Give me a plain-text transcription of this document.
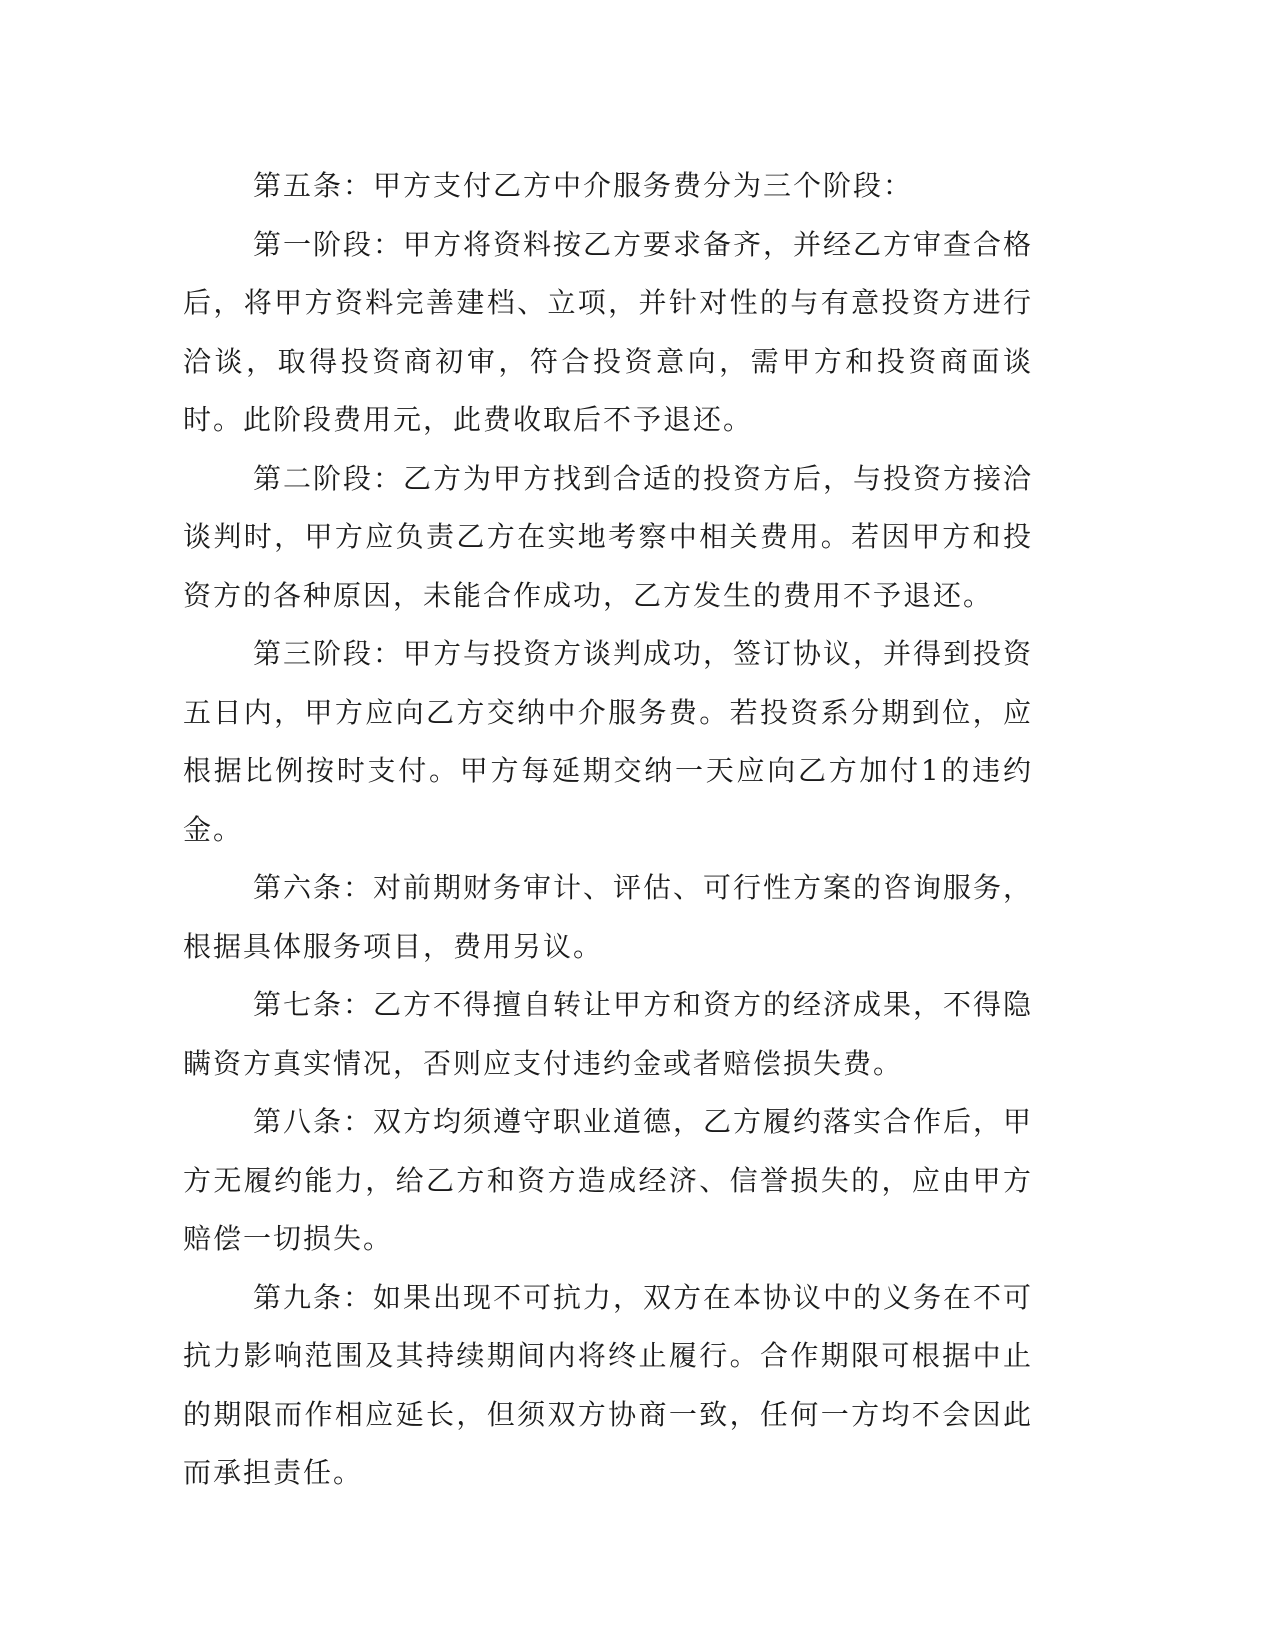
第五条：甲方支付乙方中介服务费分为三个阶段：

第一阶段：甲方将资料按乙方要求备齐，并经乙方审查合格后，将甲方资料完善建档、立项，并针对性的与有意投资方进行洽谈，取得投资商初审，符合投资意向，需甲方和投资商面谈时。此阶段费用元，此费收取后不予退还。

第二阶段：乙方为甲方找到合适的投资方后，与投资方接洽谈判时，甲方应负责乙方在实地考察中相关费用。若因甲方和投资方的各种原因，未能合作成功，乙方发生的费用不予退还。

第三阶段：甲方与投资方谈判成功，签订协议，并得到投资五日内，甲方应向乙方交纳中介服务费。若投资系分期到位，应根据比例按时支付。甲方每延期交纳一天应向乙方加付1的违约金。

第六条：对前期财务审计、评估、可行性方案的咨询服务，根据具体服务项目，费用另议。

第七条：乙方不得擅自转让甲方和资方的经济成果，不得隐瞒资方真实情况，否则应支付违约金或者赔偿损失费。

第八条：双方均须遵守职业道德，乙方履约落实合作后，甲方无履约能力，给乙方和资方造成经济、信誉损失的，应由甲方赔偿一切损失。

第九条：如果出现不可抗力，双方在本协议中的义务在不可抗力影响范围及其持续期间内将终止履行。合作期限可根据中止的期限而作相应延长，但须双方协商一致，任何一方均不会因此而承担责任。
